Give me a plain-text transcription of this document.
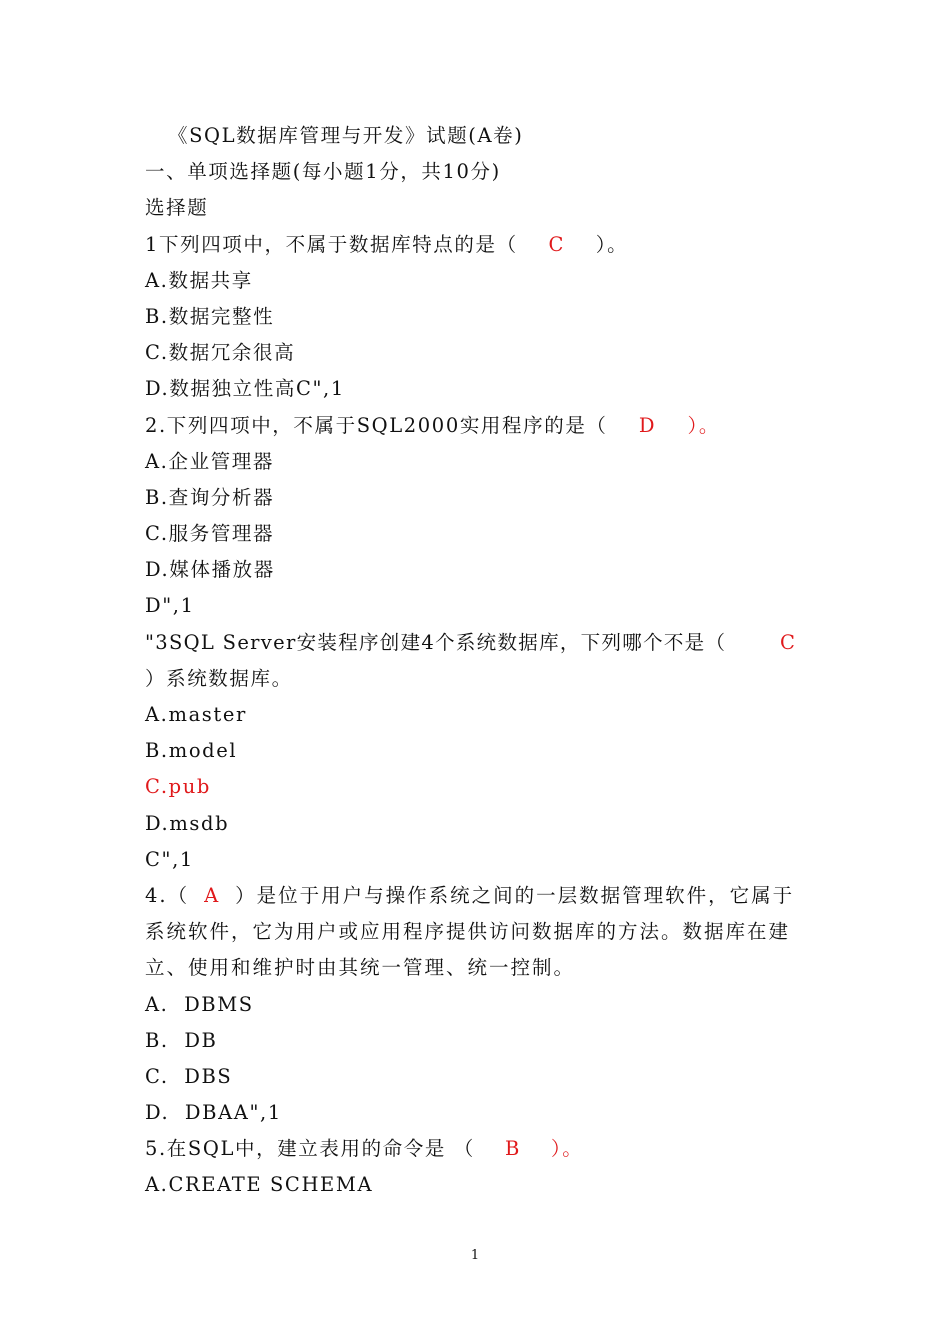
《SQL数据库管理与开发》试题(A卷)
一、单项选择题(每小题1分，共10分)
选择题
1下列四项中，不属于数据库特点的是（ C ）。
A.数据共享
B.数据完整性
C.数据冗余很高
D.数据独立性高C",1
2.下列四项中，不属于SQL2000实用程序的是（ D ）。
A.企业管理器
B.查询分析器
C.服务管理器
D.媒体播放器
D",1
"3SQL Server安装程序创建4个系统数据库，下列哪个不是（	C
）系统数据库。
A.master
B.model
C.pub
D.msdb
C",1
4.（ A ）是位于用户与操作系统之间的一层数据管理软件，它属于系统软件，它为用户或应用程序提供访问数据库的方法。数据库在建立、使用和维护时由其统一管理、统一控制。
A.  DBMS
B.  DB
C.  DBS
D.  DBAA",1
5.在SQL中，建立表用的命令是 （ B ）。
A.CREATE SCHEMA
1
